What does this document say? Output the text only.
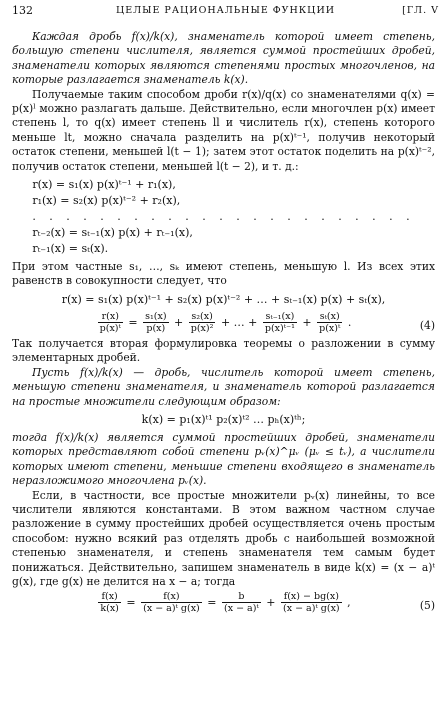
132	ЦЕЛЫЕ РАЦИОНАЛЬНЫЕ ФУНКЦИИ	[ГЛ. V

Каждая дробь f(x)/k(x), знаменатель которой имеет степень, большую степени числителя, является суммой простейших дробей, знаменатели которых являются степенями простых многочленов, на которые разлагается знаменатель k(x).

Получаемые таким способом дроби r(x)/q(x) со знаменателями q(x) = p(x)ˡ можно разлагать дальше. Действительно, если многочлен p(x) имеет степень l, то q(x) имеет степень ll и числитель r(x), степень которого меньше lt, можно сначала разделить на p(x)ᵗ⁻¹, получив некоторый остаток степени, меньшей l(t − 1); затем этот остаток поделить на p(x)ᵗ⁻², получив остаток степени, меньшей l(t − 2), и т. д.:

r(x) = s₁(x) p(x)ᵗ⁻¹ + r₁(x),
r₁(x) = s₂(x) p(x)ᵗ⁻² + r₂(x),
. . . . . . . . . . . . . . . . . . . . . . .
rₜ₋₂(x) = sₜ₋₁(x) p(x) + rₜ₋₁(x),
rₜ₋₁(x) = sₜ(x).

При этом частные s₁, …, sₖ имеют степень, меньшую l. Из всех этих равенств в совокупности следует, что

r(x) = s₁(x) p(x)ᵗ⁻¹ + s₂(x) p(x)ᵗ⁻² + … + sₜ₋₁(x) p(x) + sₜ(x),
$\frac{r(x)}{\text{p(x)ᵗ}} = \frac{\text{s₁(x)}}{p(x)} + \frac{\text{s₂(x)}}{\text{p(x)²}}$ + … + $\frac{\text{sₜ₋₁(x)}}{\text{p(x)ᵗ⁻¹}} + \frac{\text{sₜ(x)}}{\text{p(x)ᵗ}}$ .	(4)

Так получается вторая формулировка теоремы о разложении в сумму элементарных дробей.

Пусть f(x)/k(x) — дробь, числитель которой имеет степень, меньшую степени знаменателя, и знаменатель которой разлагается на простые множители следующим образом:

k(x) = p₁(x)ᵗ¹ p₂(x)ᵗ² … pₕ(x)ᵗʰ;

тогда f(x)/k(x) является суммой простейших дробей, знаменатели которых представляют собой степени pᵥ(x)^μᵥ (μᵥ ≤ tᵥ), а числители которых имеют степени, меньшие степени входящего в знаменатель неразложимого многочлена pᵥ(x).

Если, в частности, все простые множители pᵥ(x) линейны, то все числители являются константами. В этом важном частном случае разложение в сумму простейших дробей осуществляется очень простым способом: нужно всякий раз отделять дробь с наибольшей возможной степенью знаменателя, и степень знаменателя тем самым будет понижаться. Действительно, запишем знаменатель в виде k(x) = (x − a)ᵗ g(x), где g(x) не делится на x − a; тогда

$\frac{f(x)}{k(x)} = \frac{f(x)}{\text{(x − a)ᵗ g(x)}} = \frac{b}{\text{(x − a)ᵗ}} + \frac{f(x) - bg(x)}{\text{(x − a)ᵗ g(x)}}$ ,	(5)
